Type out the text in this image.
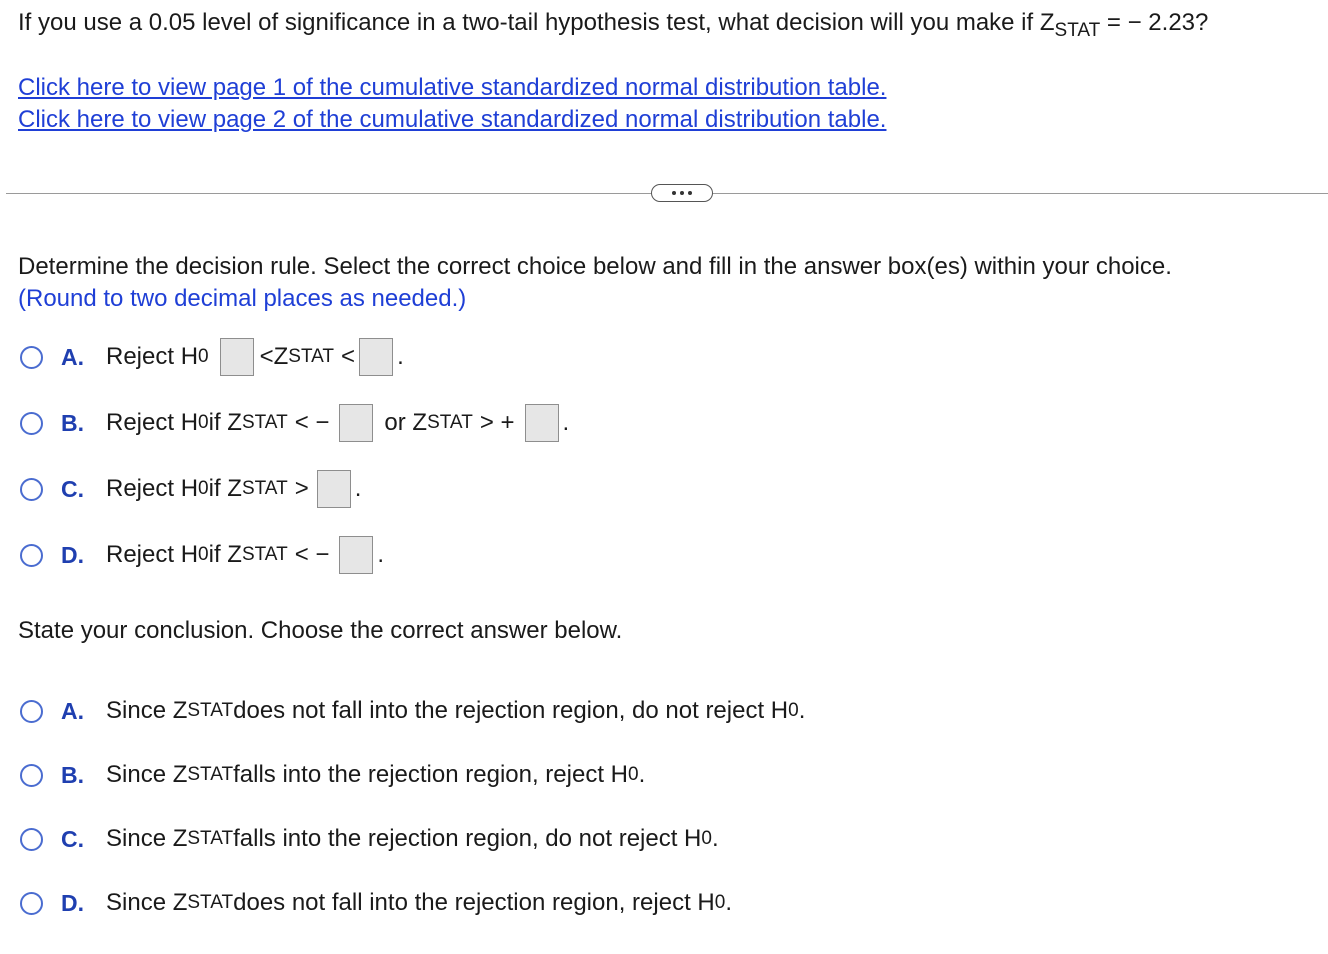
If you use a 0.05 level of significance in a two-tail hypothesis test, what decision will you make if $Z_{STAT}$ = − 2.23?
Click here to view page 1 of the cumulative standardized normal distribution table.
Click here to view page 2 of the cumulative standardized normal distribution table.
Determine the decision rule. Select the correct choice below and fill in the answer box(es) within your choice.
(Round to two decimal places as needed.)
A. Reject H 0 < Z STAT < .
B. Reject H 0 if Z STAT < − or Z STAT > + .
C. Reject H 0 if Z STAT > .
D. Reject H 0 if Z STAT < − .
State your conclusion. Choose the correct answer below.
A. Since Z STAT does not fall into the rejection region, do not reject H 0 .
B. Since Z STAT falls into the rejection region, reject H 0 .
C. Since Z STAT falls into the rejection region, do not reject H 0 .
D. Since Z STAT does not fall into the rejection region, reject H 0 .
